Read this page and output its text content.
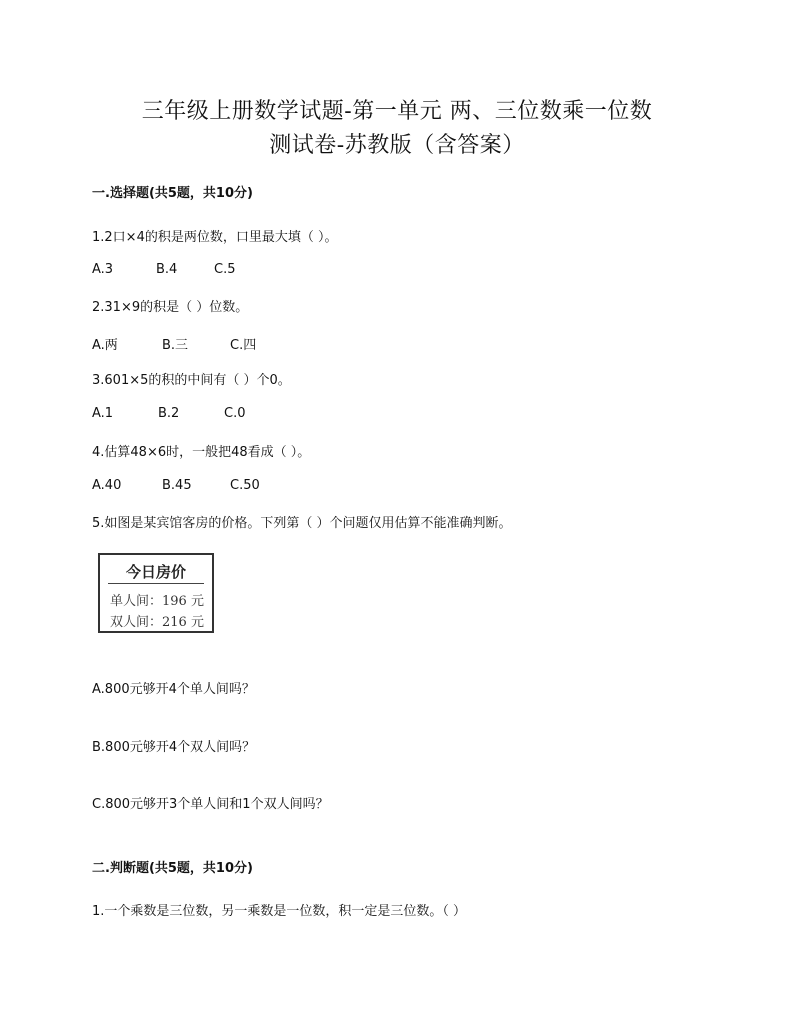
三年级上册数学试题-第一单元 两、三位数乘一位数
测试卷-苏教版（含答案）
一.选择题(共5题，共10分)
1.2口×4的积是两位数，口里最大填（ ）。
A.3	B.4	C.5
2.31×9的积是（ ）位数。
A.两	B.三	C.四
3.601×5的积的中间有（ ）个0。
A.1	B.2	C.0
4.估算48×6时，一般把48看成（ ）。
A.40	B.45	C.50
5.如图是某宾馆客房的价格。下列第（ ）个问题仅用估算不能准确判断。
今日房价
单人间：196 元
双人间：216 元
A.800元够开4个单人间吗？
B.800元够开4个双人间吗？
C.800元够开3个单人间和1个双人间吗？
二.判断题(共5题，共10分)
1.一个乘数是三位数，另一乘数是一位数，积一定是三位数。（ ）
